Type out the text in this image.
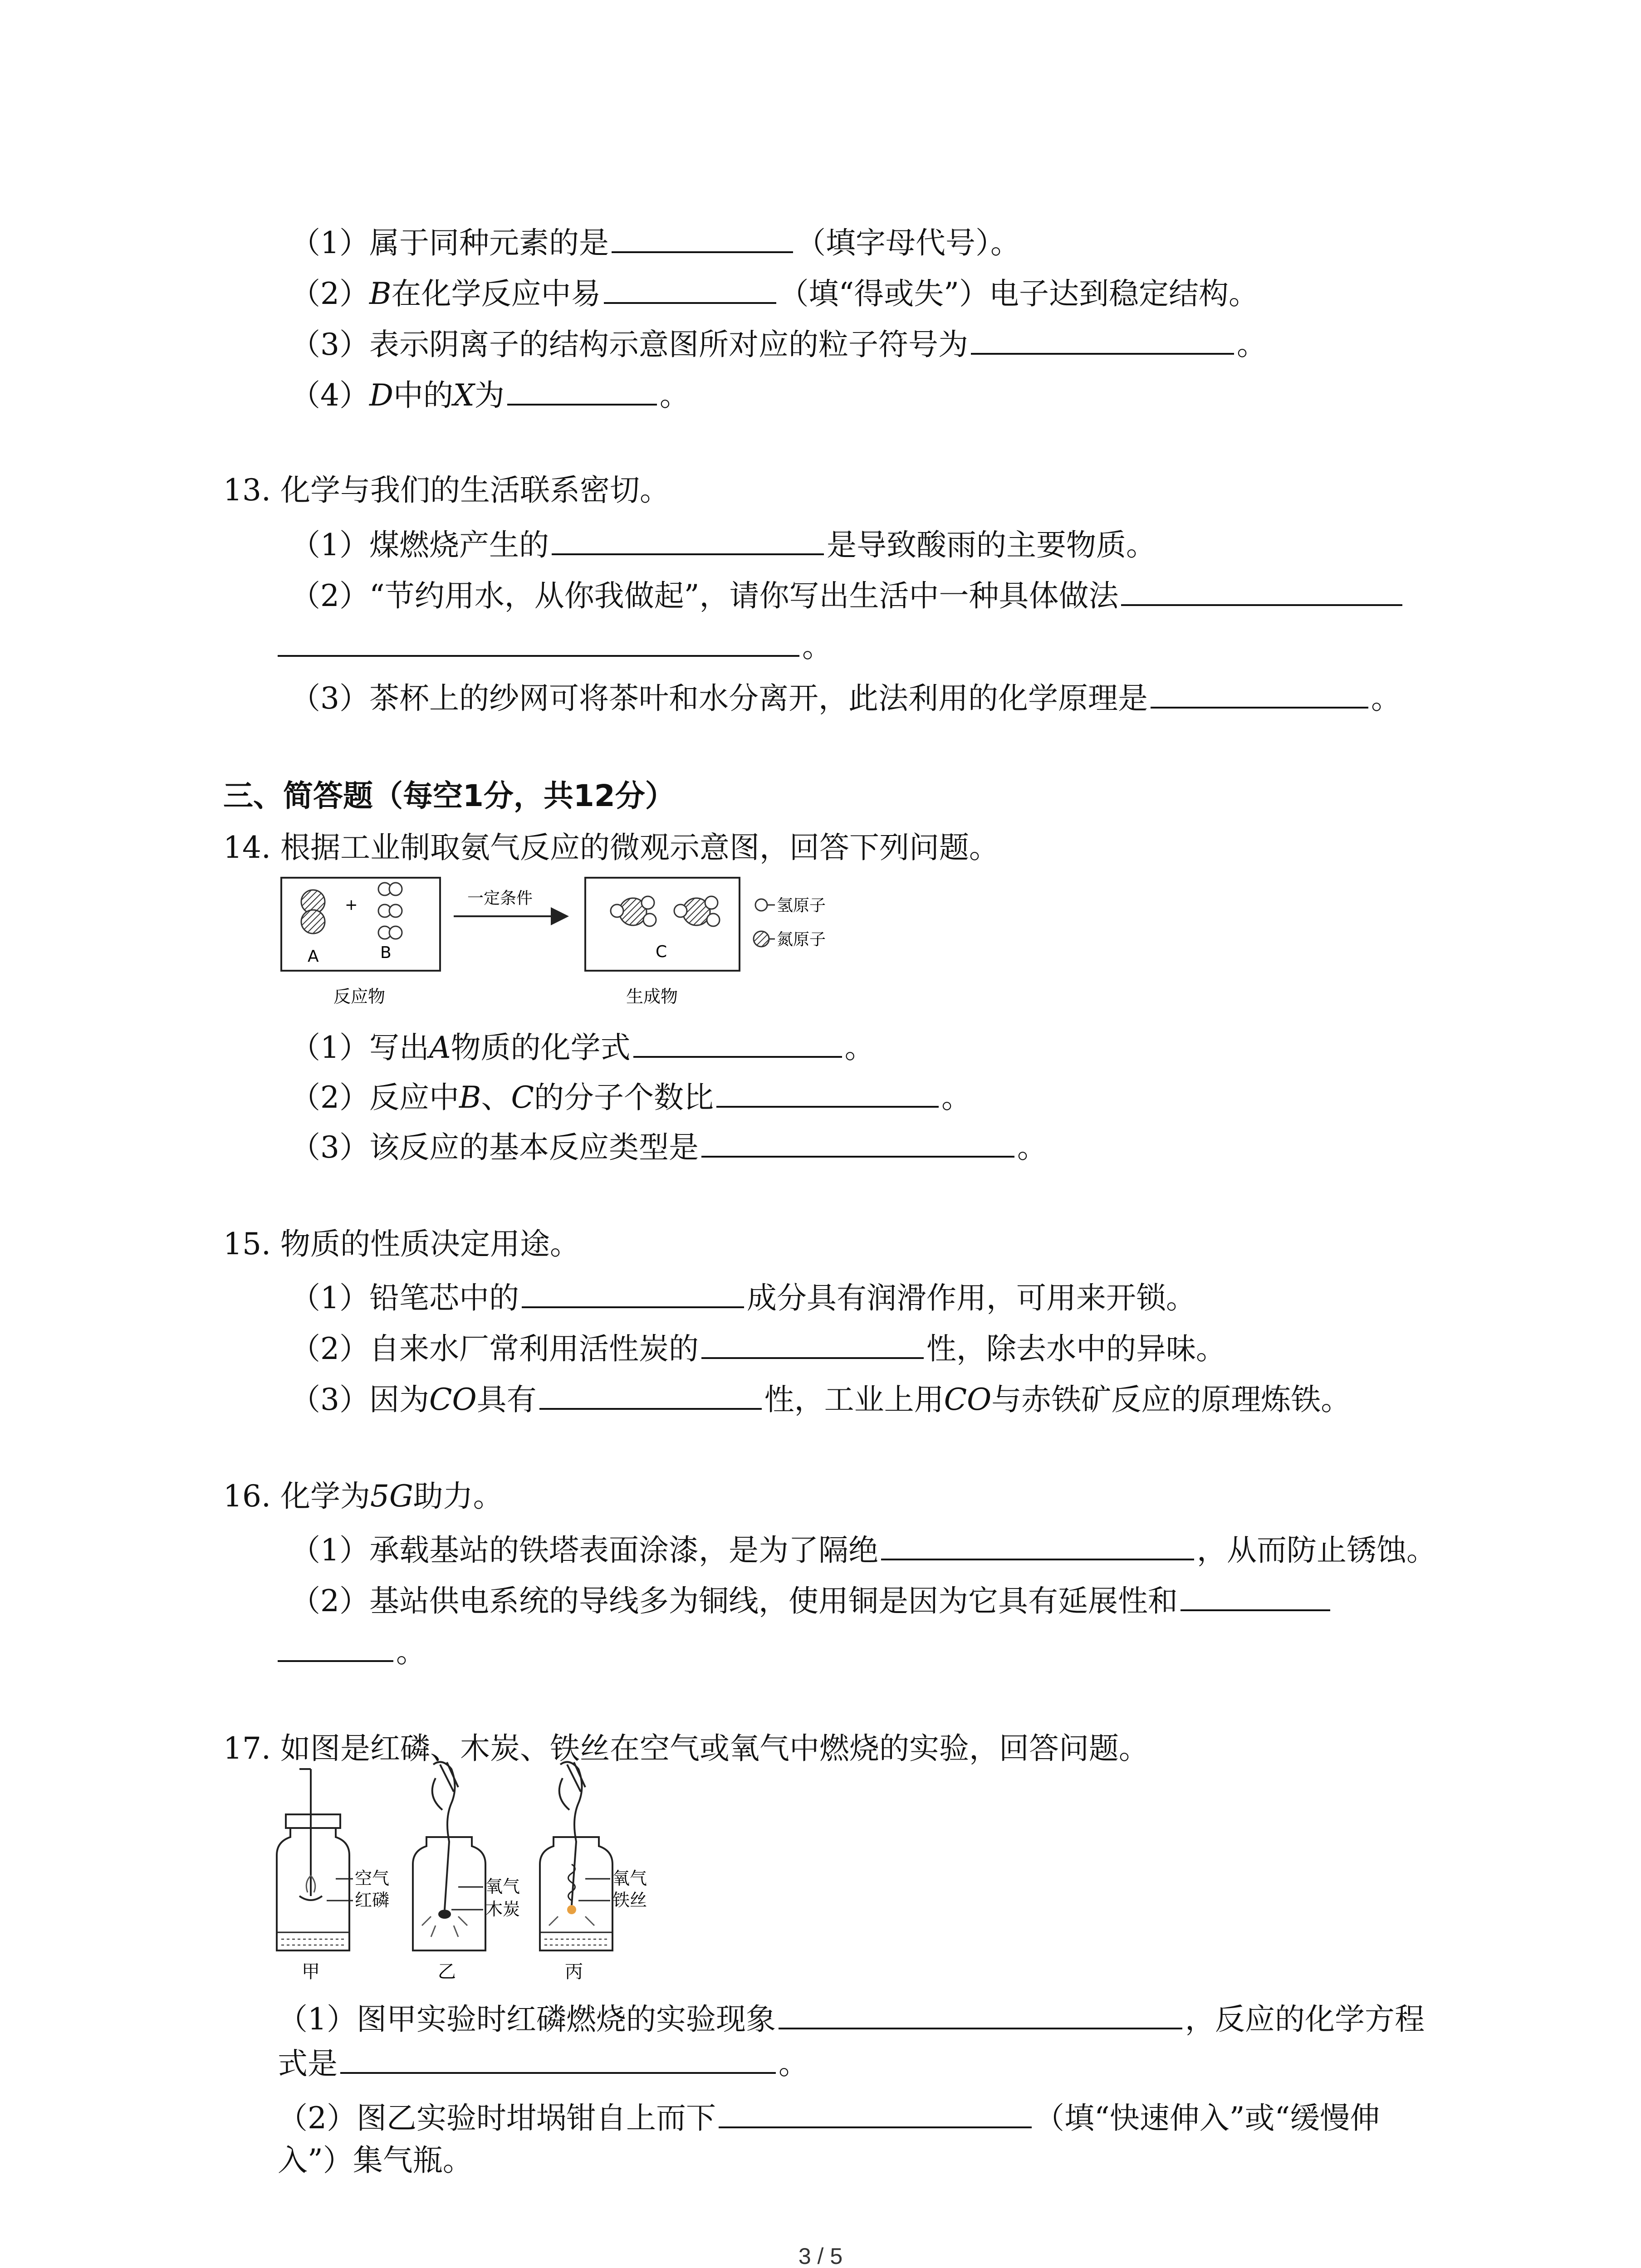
（1）属于同种元素的是	（填字母代号）。
（2）B在化学反应中易	（填“得或失”）电子达到稳定结构。
（3）表示阴离子的结构示意图所对应的粒子符号为	。
（4）D中的X为	。
13. 化学与我们的生活联系密切。
（1）煤燃烧产生的	是导致酸雨的主要物质。
（2）“节约用水，从你我做起”，请你写出生活中一种具体做法
。
（3）茶杯上的纱网可将茶叶和水分离开，此法利用的化学原理是	。
三、简答题（每空1分，共12分）
14. 根据工业制取氨气反应的微观示意图，回答下列问题。
+
A	B
一定条件
C
氢原子
氮原子
反应物	生成物
（1）写出A物质的化学式	。
（2）反应中B、C的分子个数比	。
（3）该反应的基本反应类型是	。
15. 物质的性质决定用途。
（1）铅笔芯中的	成分具有润滑作用，可用来开锁。
（2）自来水厂常利用活性炭的	性，除去水中的异味。
（3）因为CO具有	性，工业上用CO与赤铁矿反应的原理炼铁。
16. 化学为5G助力。
（1）承载基站的铁塔表面涂漆，是为了隔绝	，从而防止锈蚀。
（2）基站供电系统的导线多为铜线，使用铜是因为它具有延展性和
。
17. 如图是红磷、木炭、铁丝在空气或氧气中燃烧的实验，回答问题。
空气
红磷
甲
氧气
木炭
乙
氧气
铁丝
丙
（1）图甲实验时红磷燃烧的实验现象	，反应的化学方程
式是	。
（2）图乙实验时坩埚钳自上而下	（填“快速伸入”或“缓慢伸
入”）集气瓶。
3 / 5
